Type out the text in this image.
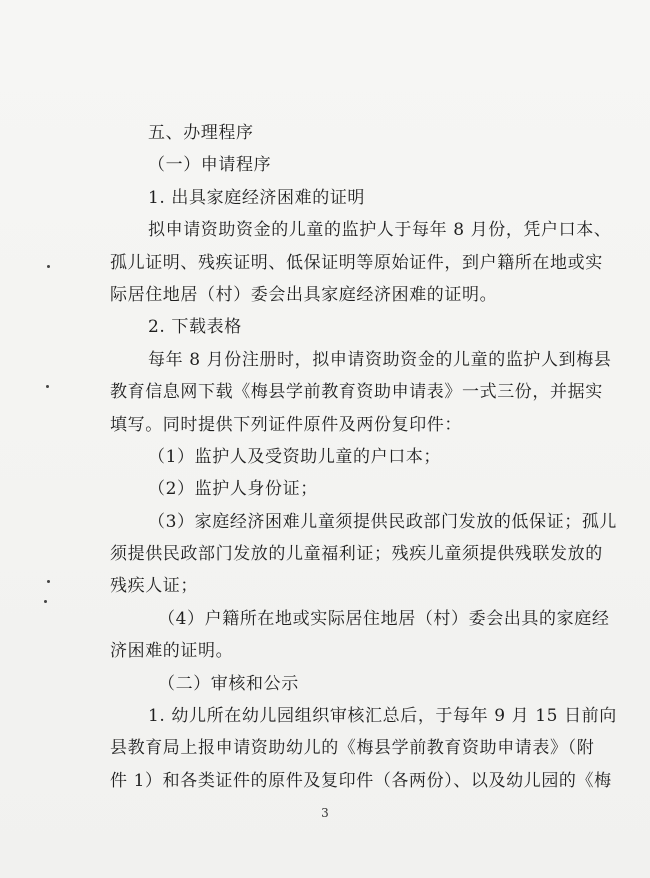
五、办理程序
（一）申请程序
1. 出具家庭经济困难的证明
拟申请资助资金的儿童的监护人于每年 8 月份，凭户口本、
孤儿证明、残疾证明、低保证明等原始证件，到户籍所在地或实
际居住地居（村）委会出具家庭经济困难的证明。
2. 下载表格
每年 8 月份注册时，拟申请资助资金的儿童的监护人到梅县
教育信息网下载《梅县学前教育资助申请表》一式三份，并据实
填写。同时提供下列证件原件及两份复印件：
（1）监护人及受资助儿童的户口本；
（2）监护人身份证；
（3）家庭经济困难儿童须提供民政部门发放的低保证；孤儿
须提供民政部门发放的儿童福利证；残疾儿童须提供残联发放的
残疾人证；
（4）户籍所在地或实际居住地居（村）委会出具的家庭经
济困难的证明。
（二）审核和公示
1. 幼儿所在幼儿园组织审核汇总后，于每年 9 月 15 日前向
县教育局上报申请资助幼儿的《梅县学前教育资助申请表》（附
件 1）和各类证件的原件及复印件（各两份）、以及幼儿园的《梅
3
